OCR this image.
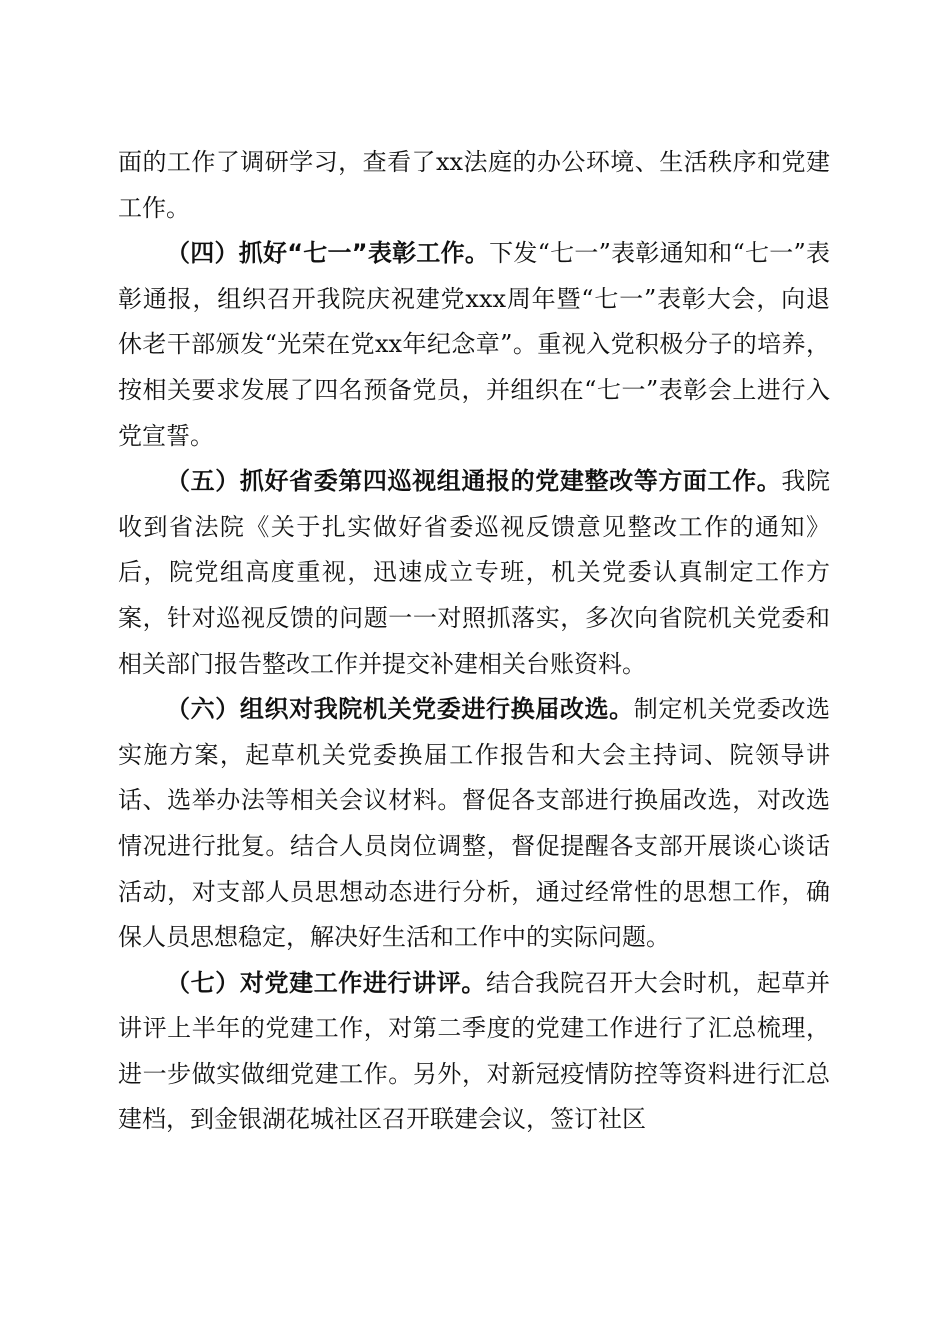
面的工作了调研学习，查看了xx法庭的办公环境、生活秩序和党建工作。

（四）抓好“七一”表彰工作。下发“七一”表彰通知和“七一”表彰通报，组织召开我院庆祝建党xxx周年暨“七一”表彰大会，向退休老干部颁发“光荣在党xx年纪念章”。重视入党积极分子的培养，按相关要求发展了四名预备党员，并组织在“七一”表彰会上进行入党宣誓。

（五）抓好省委第四巡视组通报的党建整改等方面工作。我院收到省法院《关于扎实做好省委巡视反馈意见整改工作的通知》后，院党组高度重视，迅速成立专班，机关党委认真制定工作方案，针对巡视反馈的问题一一对照抓落实，多次向省院机关党委和相关部门报告整改工作并提交补建相关台账资料。

（六）组织对我院机关党委进行换届改选。制定机关党委改选实施方案，起草机关党委换届工作报告和大会主持词、院领导讲话、选举办法等相关会议材料。督促各支部进行换届改选，对改选情况进行批复。结合人员岗位调整，督促提醒各支部开展谈心谈话活动，对支部人员思想动态进行分析，通过经常性的思想工作，确保人员思想稳定，解决好生活和工作中的实际问题。

（七）对党建工作进行讲评。结合我院召开大会时机，起草并讲评上半年的党建工作，对第二季度的党建工作进行了汇总梳理，进一步做实做细党建工作。另外，对新冠疫情防控等资料进行汇总建档，到金银湖花城社区召开联建会议，签订社区
